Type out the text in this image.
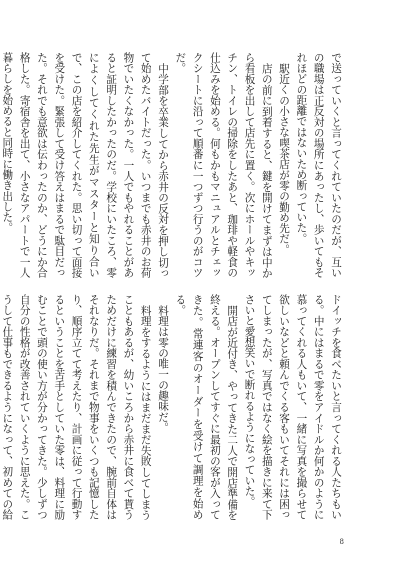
で送っていくと言ってくれていたのだが、互いの職場は正反対の場所にあったし、歩いてもそれほどの距離ではないため断っていた。

駅近くの小さな喫茶店が零の勤め先だ。

店の前に到着すると、鍵を開けてまずは中から看板を出して店先に置く。次にホールやキッチン、トイレの掃除をしたあと、珈琲や軽食の仕込みを始める。何もかもマニュアルとチェックシートに沿って順番に一つずつ行うのがコツだ。

中学部を卒業してから赤井の反対を押し切って始めたバイトだった。いつまでも赤井のお荷物でいたくなかった。一人でもやれることがあると証明したかったのだ。学校にいたころ、零によくしてくれた先生がマスターと知り合いで、この店を紹介してくれた。思い切って面接を受けた。緊張して受け答えはまるで駄目だった。それでも意欲は伝わったのか、どうにか合格した。寄宿舎を出て、小さなアパートで一人暮らしを始めると同時に働き出した。

ドイッチを食べたいと言ってくれる人たちもいる。中にはまるで零をアイドルか何かのように慕ってくれる人もいて、一緒に写真を撮らせて欲しいなどと頼んでくる客もいてそれには困ってしまったが、写真ではなく絵を描きに来て下さいと愛想笑いで断れるようになっていた。

開店が近付き、やってきた二人で開店準備を終える。オープンしてすぐに最初の客が入ってきた。常連客のオーダーを受けて調理を始める。

料理は零の唯一の趣味だ。

料理をするようにはまだまだ失敗してしまうこともあるが、幼いころから赤井に食べて貰うためだけに練習を積んできたので、腕前自体はそれなりだ。それまで物事をいくつも記憶したり、順序立てて考えたり、計画に従って行動するということを苦手としていた零は、料理に励むことで頭の使い方が分かってきた。少しずつ自分の性格が改善されていくように思えた。こうして仕事もできるようになって、初めての給

8
